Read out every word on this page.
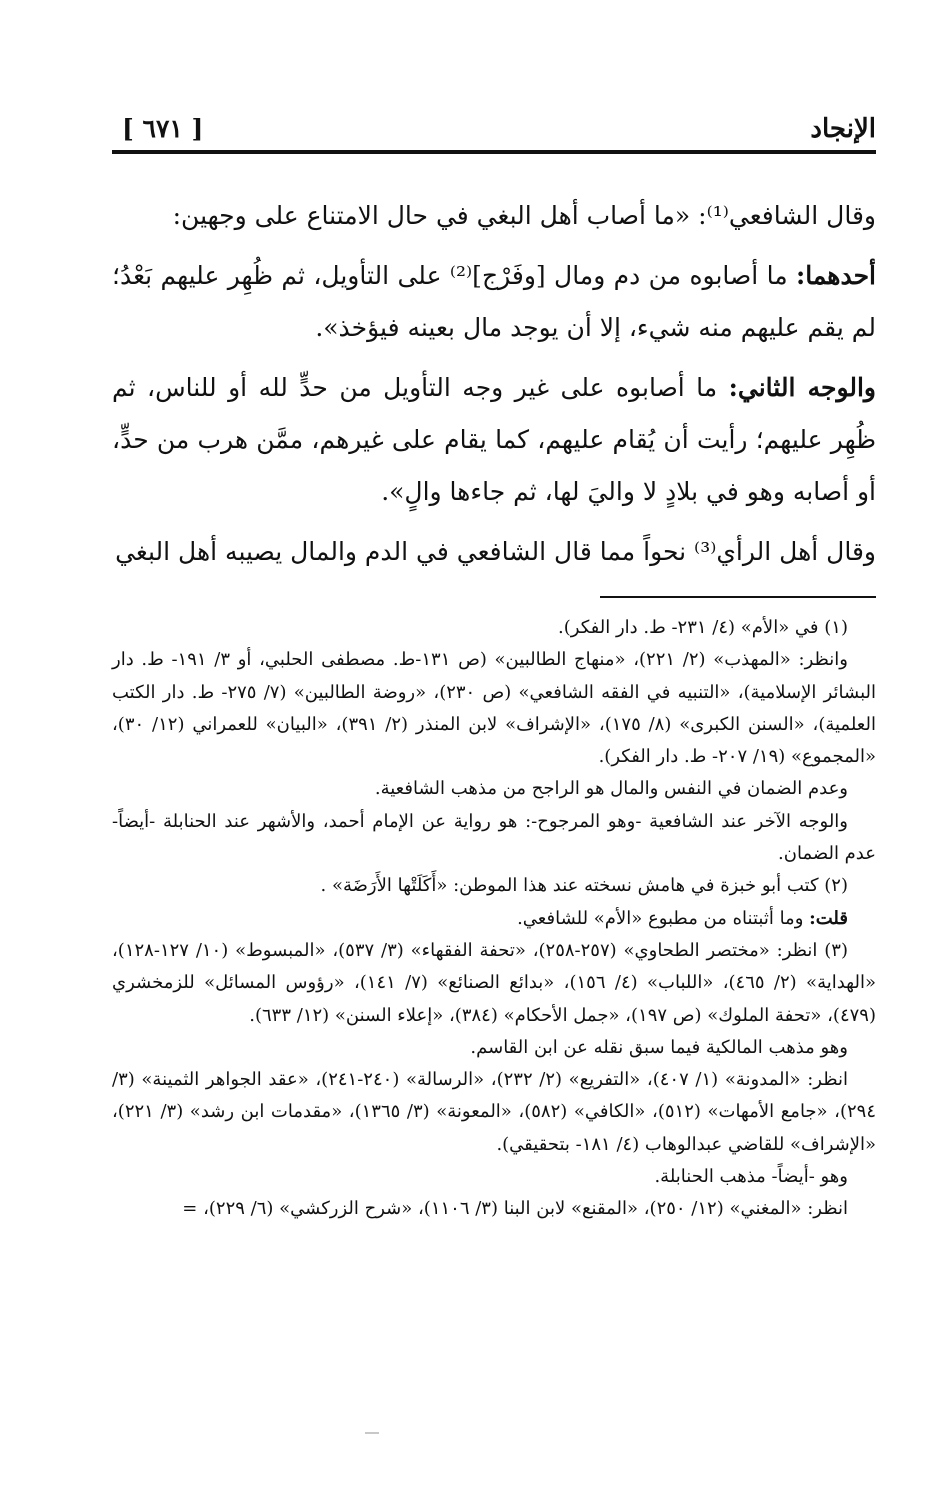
[ ٦٧١ ]	الإنجاد

وقال الشافعي⁽¹⁾: «ما أصاب أهل البغي في حال الامتناع على وجهين:

أحدهما: ما أصابوه من دم ومال [وفَرْج]⁽²⁾ على التأويل، ثم ظُهِر عليهم بَعْدُ؛ لم يقم عليهم منه شيء، إلا أن يوجد مال بعينه فيؤخذ».

والوجه الثاني: ما أصابوه على غير وجه التأويل من حدٍّ لله أو للناس، ثم ظُهِر عليهم؛ رأيت أن يُقام عليهم، كما يقام على غيرهم، ممَّن هرب من حدٍّ، أو أصابه وهو في بلادٍ لا واليَ لها، ثم جاءها والٍ».

وقال أهل الرأي⁽³⁾ نحواً مما قال الشافعي في الدم والمال يصيبه أهل البغي

(١) في «الأم» (٤/ ٢٣١- ط. دار الفكر).

وانظر: «المهذب» (٢/ ٢٢١)، «منهاج الطالبين» (ص ١٣١-ط. مصطفى الحلبي، أو ٣/ ١٩١- ط. دار البشائر الإسلامية)، «التنبيه في الفقه الشافعي» (ص ٢٣٠)، «روضة الطالبين» (٧/ ٢٧٥- ط. دار الكتب العلمية)، «السنن الكبرى» (٨/ ١٧٥)، «الإشراف» لابن المنذر (٢/ ٣٩١)، «البيان» للعمراني (١٢/ ٣٠)، «المجموع» (١٩/ ٢٠٧- ط. دار الفكر).

وعدم الضمان في النفس والمال هو الراجح من مذهب الشافعية.

والوجه الآخر عند الشافعية -وهو المرجوح-: هو رواية عن الإمام أحمد، والأشهر عند الحنابلة -أيضاً- عدم الضمان.

(٢) كتب أبو خبزة في هامش نسخته عند هذا الموطن: «أَكَلَتْها الأَرَضَة» .

قلت: وما أثبتناه من مطبوع «الأم» للشافعي.

(٣) انظر: «مختصر الطحاوي» (٢٥٧-٢٥٨)، «تحفة الفقهاء» (٣/ ٥٣٧)، «المبسوط» (١٠/ ١٢٧-١٢٨)، «الهداية» (٢/ ٤٦٥)، «اللباب» (٤/ ١٥٦)، «بدائع الصنائع» (٧/ ١٤١)، «رؤوس المسائل» للزمخشري (٤٧٩)، «تحفة الملوك» (ص ١٩٧)، «جمل الأحكام» (٣٨٤)، «إعلاء السنن» (١٢/ ٦٣٣).

وهو مذهب المالكية فيما سبق نقله عن ابن القاسم.

انظر: «المدونة» (١/ ٤٠٧)، «التفريع» (٢/ ٢٣٢)، «الرسالة» (٢٤٠-٢٤١)، «عقد الجواهر الثمينة» (٣/ ٢٩٤)، «جامع الأمهات» (٥١٢)، «الكافي» (٥٨٢)، «المعونة» (٣/ ١٣٦٥)، «مقدمات ابن رشد» (٣/ ٢٢١)، «الإشراف» للقاضي عبدالوهاب (٤/ ١٨١- بتحقيقي).

وهو -أيضاً- مذهب الحنابلة.

انظر: «المغني» (١٢/ ٢٥٠)، «المقنع» لابن البنا (٣/ ١١٠٦)، «شرح الزركشي» (٦/ ٢٢٩)، =
